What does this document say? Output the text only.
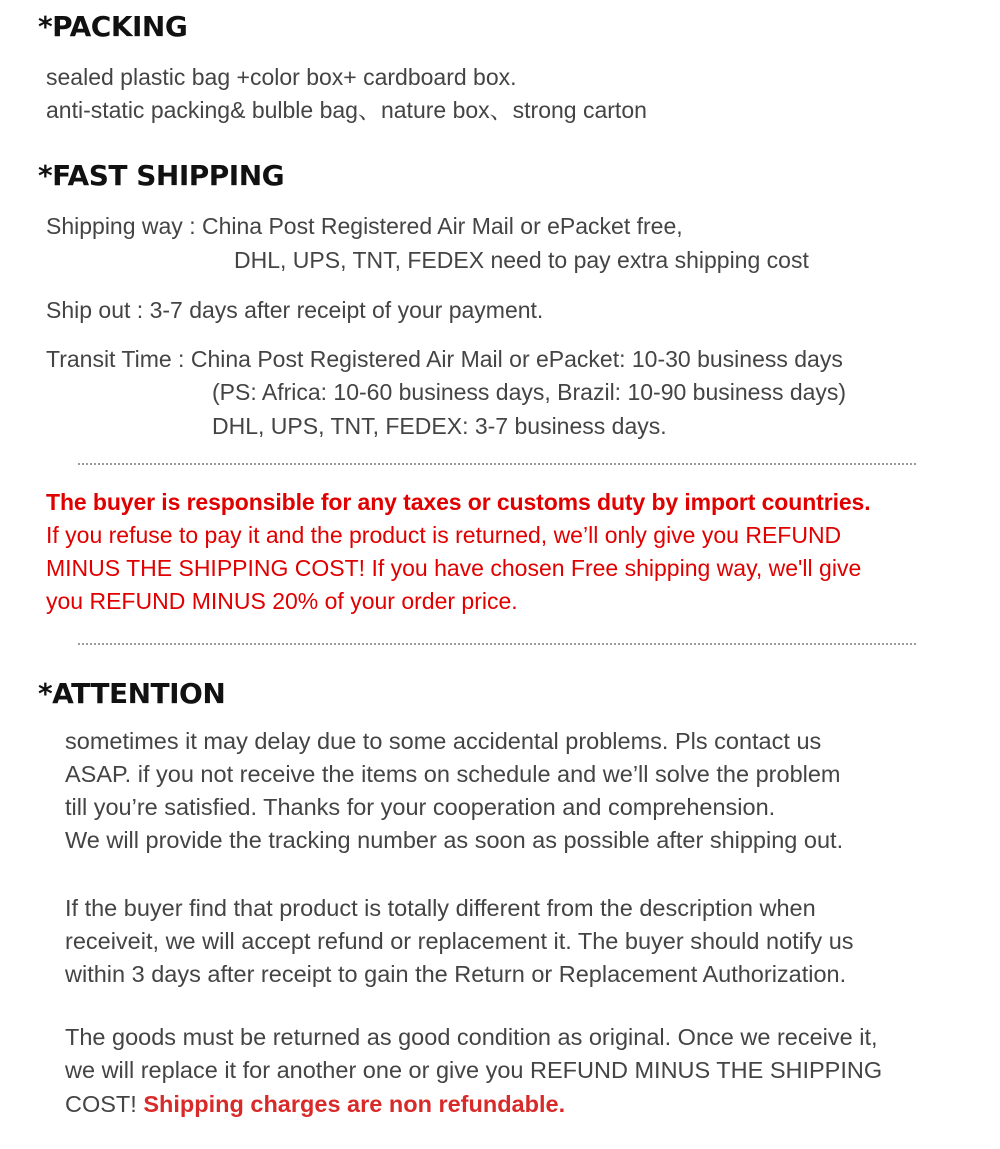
*PACKING
sealed plastic bag +color box+ cardboard box.
anti-static packing& bulble bag、nature box、strong carton
*FAST SHIPPING
Shipping way : China Post Registered Air Mail or ePacket free,
DHL, UPS, TNT, FEDEX need to pay extra shipping cost
Ship out : 3-7 days after receipt of your payment.
Transit Time : China Post Registered Air Mail or ePacket: 10-30 business days
(PS: Africa: 10-60 business days, Brazil: 10-90 business days)
DHL, UPS, TNT, FEDEX: 3-7 business days.
The buyer is responsible for any taxes or customs duty by import countries.
If you refuse to pay it and the product is returned, we’ll only give you REFUND
MINUS THE SHIPPING COST! If you have chosen Free shipping way, we'll give
you REFUND MINUS 20% of your order price.
*ATTENTION
sometimes it may delay due to some accidental problems. Pls contact us
ASAP. if you not receive the items on schedule and we’ll solve the problem
till you’re satisfied. Thanks for your cooperation and comprehension.
We will provide the tracking number as soon as possible after shipping out.
If the buyer find that product is totally different from the description when
receiveit, we will accept refund or replacement it. The buyer should notify us
within 3 days after receipt to gain the Return or Replacement Authorization.
The goods must be returned as good condition as original. Once we receive it,
we will replace it for another one or give you REFUND MINUS THE SHIPPING
COST! Shipping charges are non refundable.
